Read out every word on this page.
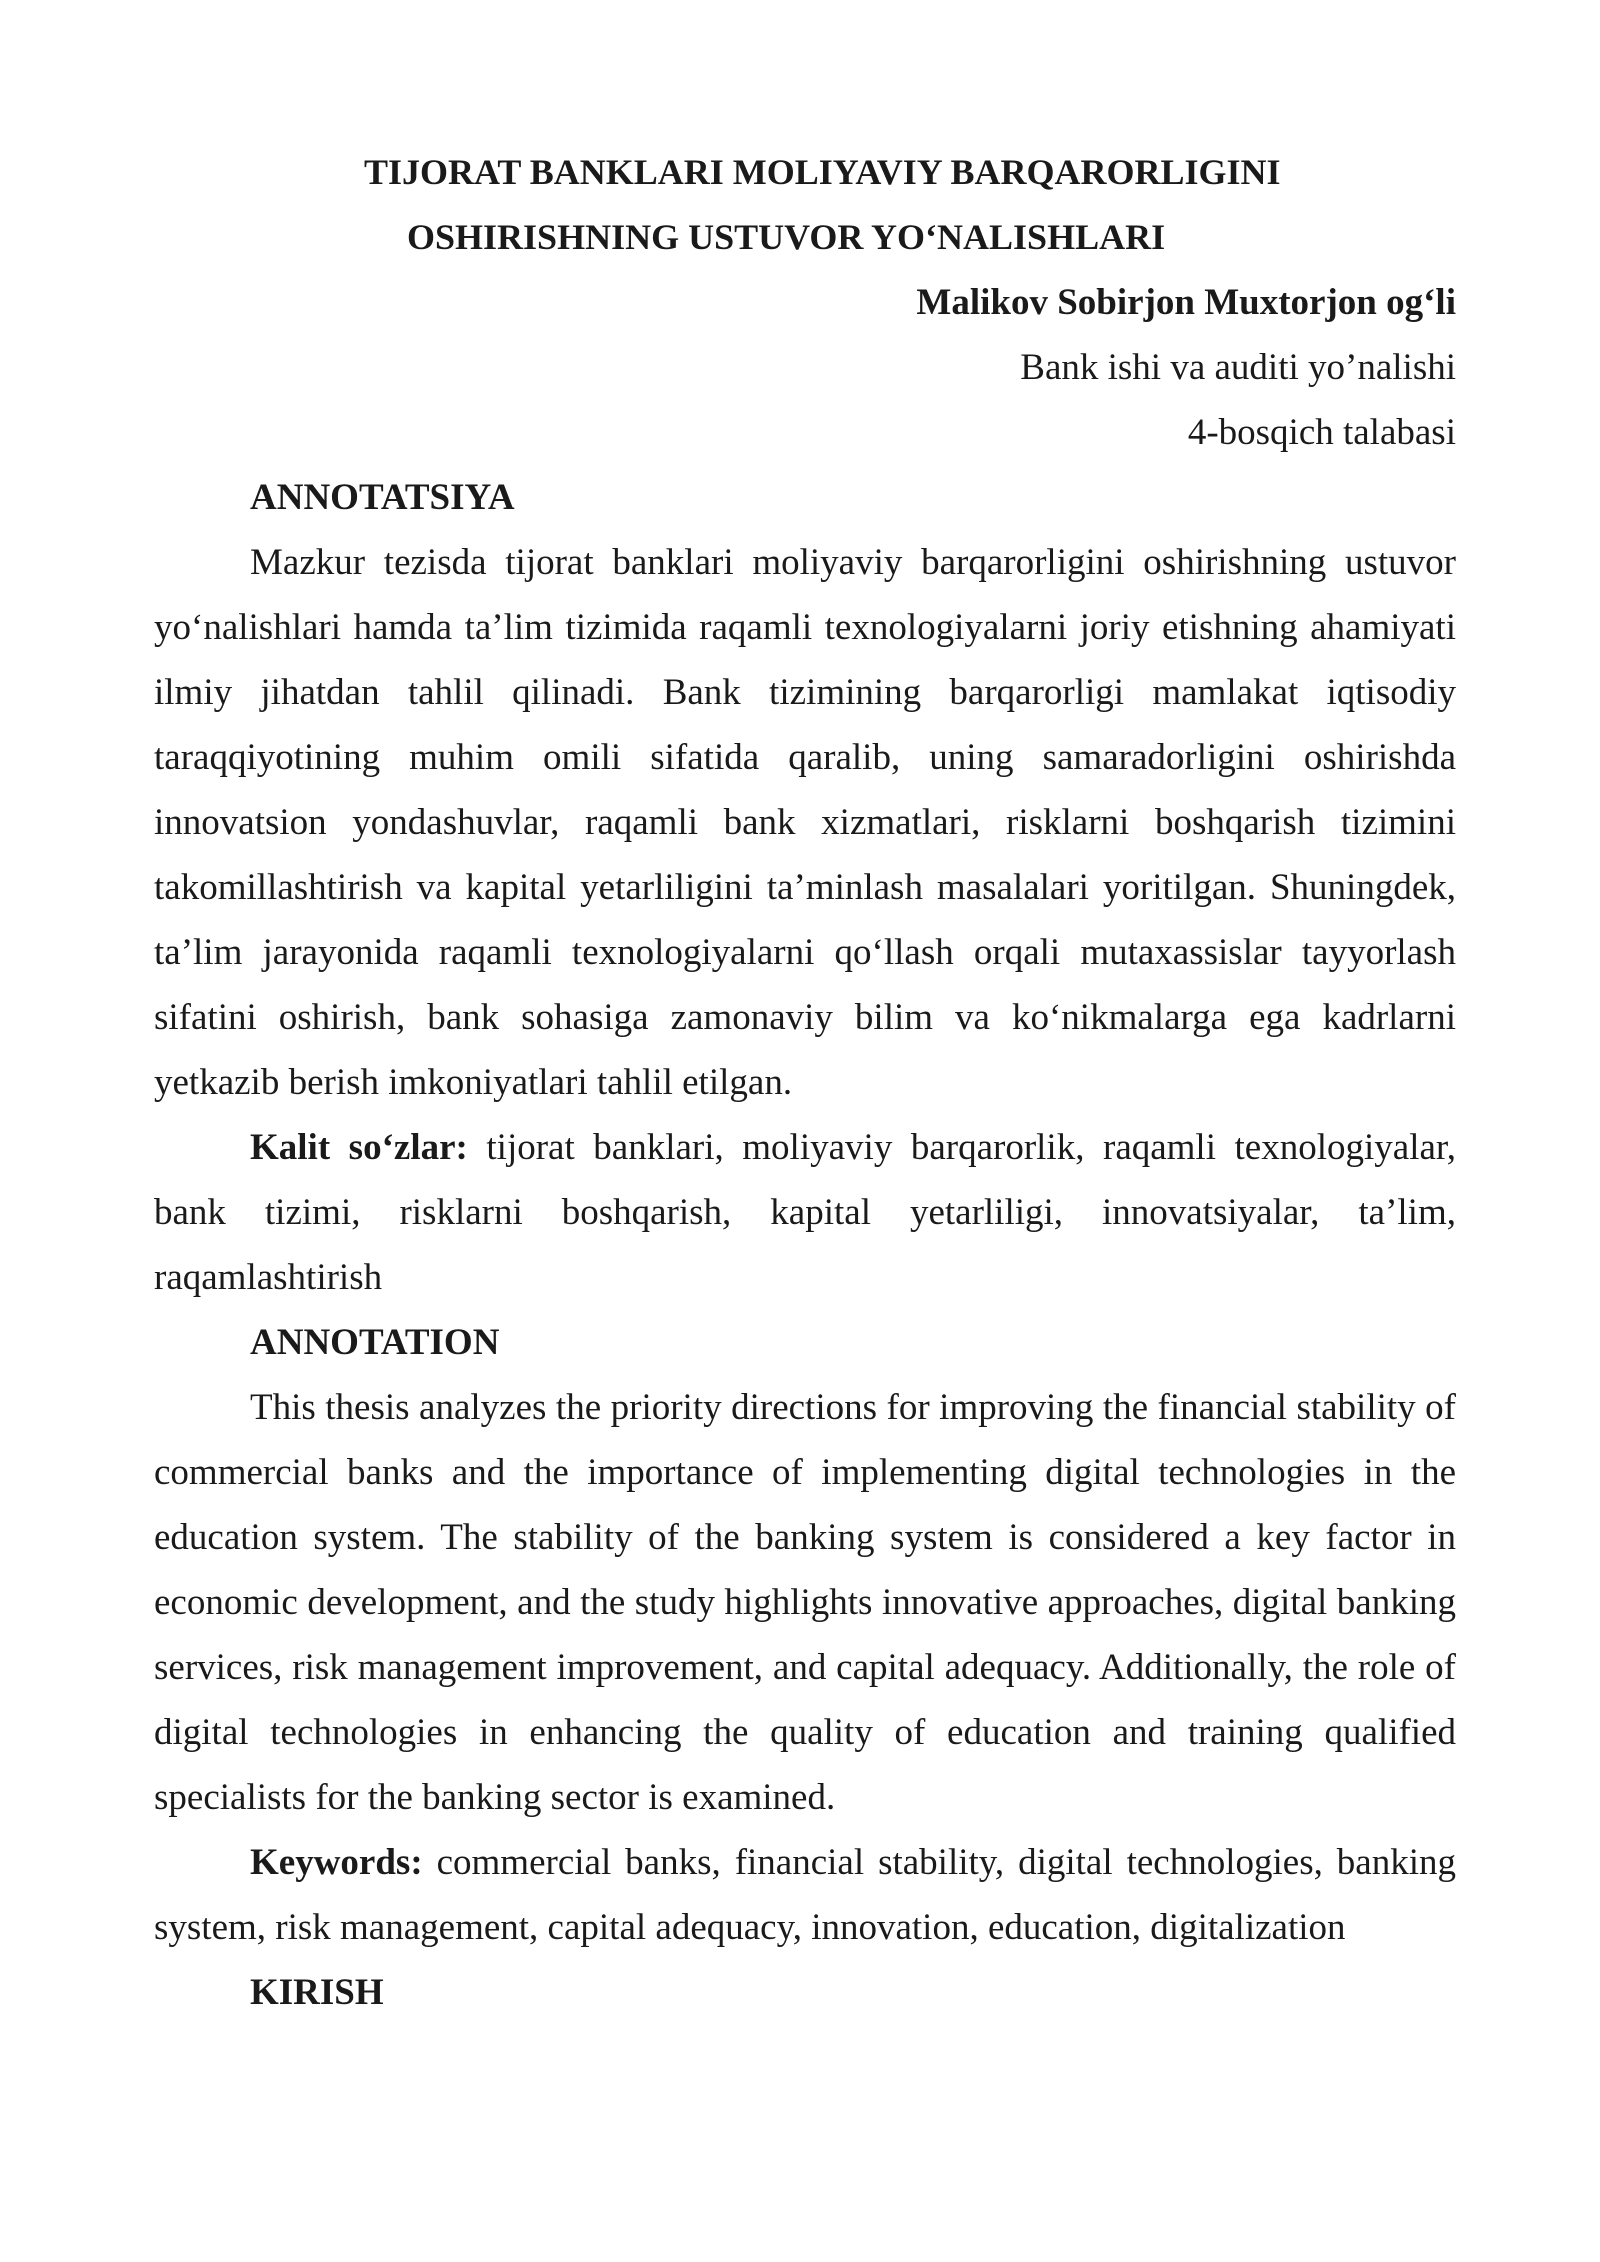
TIJORAT BANKLARI MOLIYAVIY BARQARORLIGINI
OSHIRISHNING USTUVOR YO‘NALISHLARI
Malikov Sobirjon Muxtorjon og‘li
Bank ishi va auditi yo’nalishi
4-bosqich talabasi
ANNOTATSIYA

Mazkur tezisda tijorat banklari moliyaviy barqarorligini oshirishning ustuvor yo‘nalishlari hamda ta’lim tizimida raqamli texnologiyalarni joriy etishning ahamiyati ilmiy jihatdan tahlil qilinadi. Bank tizimining barqarorligi mamlakat iqtisodiy taraqqiyotining muhim omili sifatida qaralib, uning samaradorligini oshirishda innovatsion yondashuvlar, raqamli bank xizmatlari, risklarni boshqarish tizimini takomillashtirish va kapital yetarliligini ta’minlash masalalari yoritilgan. Shuningdek, ta’lim jarayonida raqamli texnologiyalarni qo‘llash orqali mutaxassislar tayyorlash sifatini oshirish, bank sohasiga zamonaviy bilim va ko‘nikmalarga ega kadrlarni yetkazib berish imkoniyatlari tahlil etilgan.

Kalit so‘zlar: tijorat banklari, moliyaviy barqarorlik, raqamli texnologiyalar, bank tizimi, risklarni boshqarish, kapital yetarliligi, innovatsiyalar, ta’lim, raqamlashtirish

ANNOTATION

This thesis analyzes the priority directions for improving the financial stability of commercial banks and the importance of implementing digital technologies in the education system. The stability of the banking system is considered a key factor in economic development, and the study highlights innovative approaches, digital banking services, risk management improvement, and capital adequacy. Additionally, the role of digital technologies in enhancing the quality of education and training qualified specialists for the banking sector is examined.

Keywords: commercial banks, financial stability, digital technologies, banking system, risk management, capital adequacy, innovation, education, digitalization

KIRISH
